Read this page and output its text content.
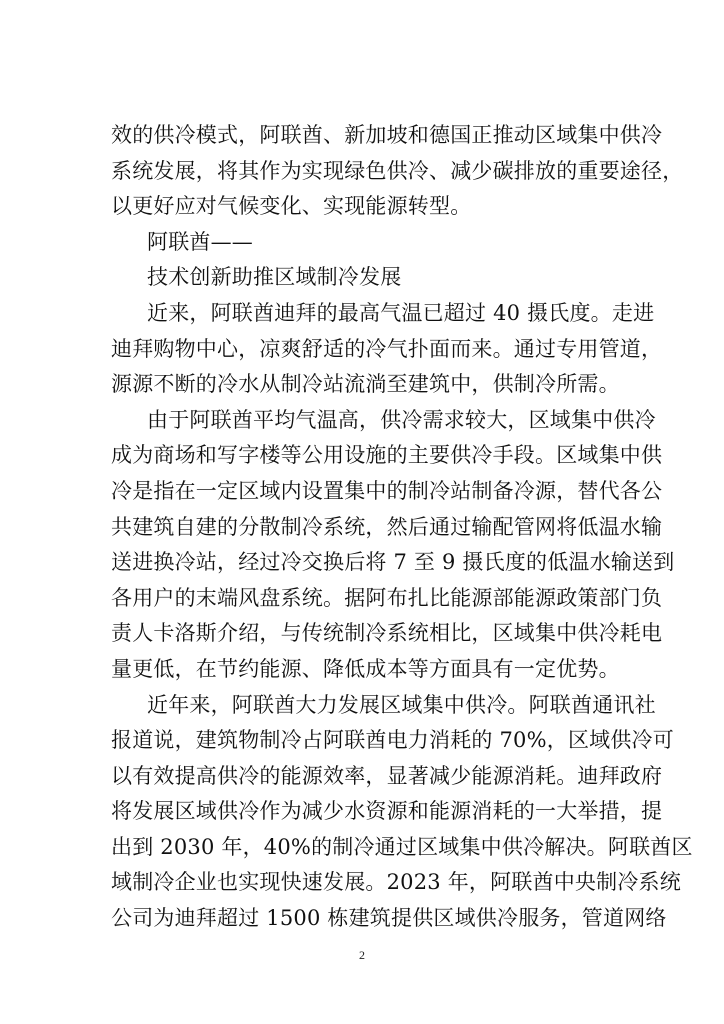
效的供冷模式，阿联酋、新加坡和德国正推动区域集中供冷
系统发展，将其作为实现绿色供冷、减少碳排放的重要途径，
以更好应对气候变化、实现能源转型。
阿联酋——
技术创新助推区域制冷发展
近来，阿联酋迪拜的最高气温已超过 40 摄氏度。走进
迪拜购物中心，凉爽舒适的冷气扑面而来。通过专用管道，
源源不断的冷水从制冷站流淌至建筑中，供制冷所需。
由于阿联酋平均气温高，供冷需求较大，区域集中供冷
成为商场和写字楼等公用设施的主要供冷手段。区域集中供
冷是指在一定区域内设置集中的制冷站制备冷源，替代各公
共建筑自建的分散制冷系统，然后通过输配管网将低温水输
送进换冷站，经过冷交换后将 7 至 9 摄氏度的低温水输送到
各用户的末端风盘系统。据阿布扎比能源部能源政策部门负
责人卡洛斯介绍，与传统制冷系统相比，区域集中供冷耗电
量更低，在节约能源、降低成本等方面具有一定优势。
近年来，阿联酋大力发展区域集中供冷。阿联酋通讯社
报道说，建筑物制冷占阿联酋电力消耗的 70%，区域供冷可
以有效提高供冷的能源效率，显著减少能源消耗。迪拜政府
将发展区域供冷作为减少水资源和能源消耗的一大举措，提
出到 2030 年，40%的制冷通过区域集中供冷解决。阿联酋区
域制冷企业也实现快速发展。2023 年，阿联酋中央制冷系统
公司为迪拜超过 1500 栋建筑提供区域供冷服务，管道网络
2
